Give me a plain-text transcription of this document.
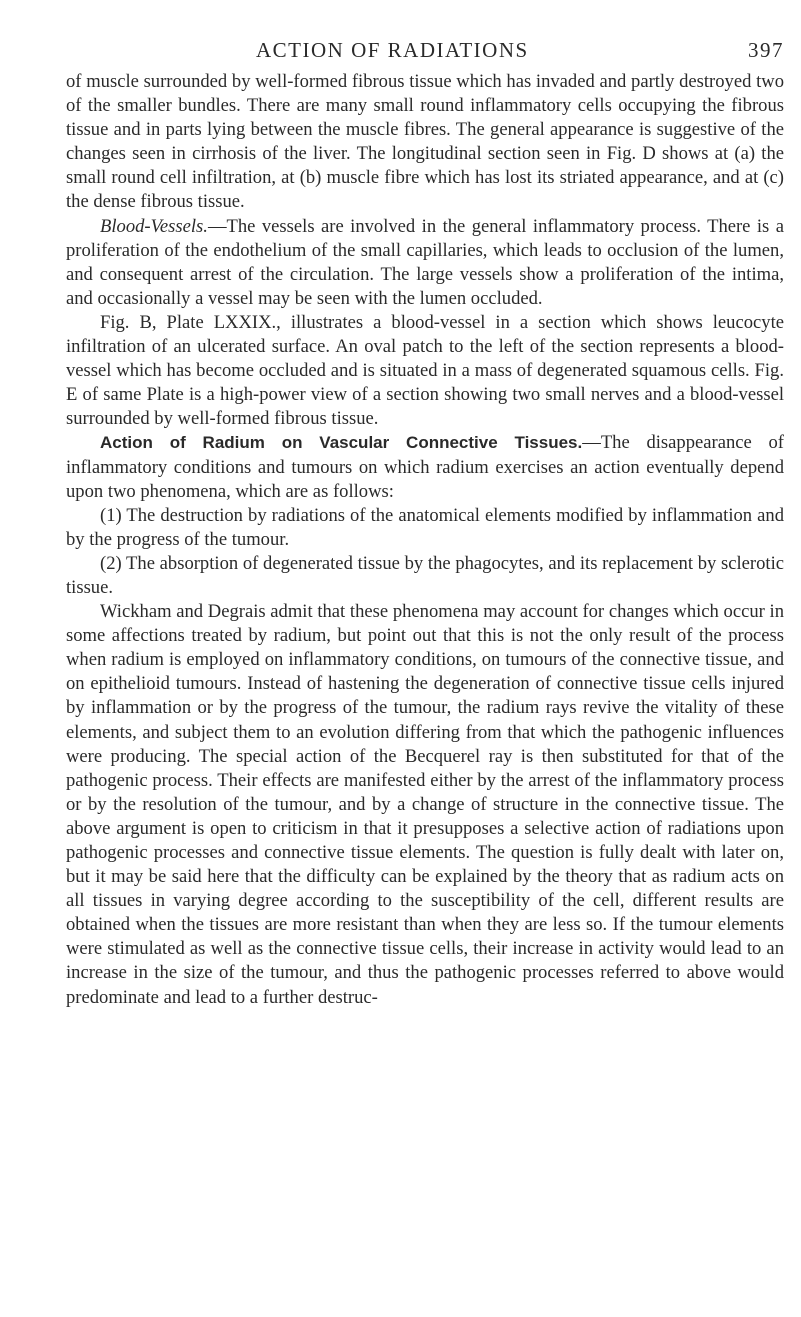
ACTION OF RADIATIONS	397

of muscle surrounded by well-formed fibrous tissue which has invaded and partly destroyed two of the smaller bundles. There are many small round inflammatory cells occupying the fibrous tissue and in parts lying between the muscle fibres. The general appearance is suggestive of the changes seen in cirrhosis of the liver. The longitudinal section seen in Fig. D shows at (a) the small round cell infiltration, at (b) muscle fibre which has lost its striated appearance, and at (c) the dense fibrous tissue.

Blood-Vessels.—The vessels are involved in the general inflammatory process. There is a proliferation of the endothelium of the small capillaries, which leads to occlusion of the lumen, and consequent arrest of the circulation. The large vessels show a proliferation of the intima, and occasionally a vessel may be seen with the lumen occluded.

Fig. B, Plate LXXIX., illustrates a blood-vessel in a section which shows leucocyte infiltration of an ulcerated surface. An oval patch to the left of the section represents a blood-vessel which has become occluded and is situated in a mass of degenerated squamous cells. Fig. E of same Plate is a high-power view of a section showing two small nerves and a blood-vessel surrounded by well-formed fibrous tissue.

Action of Radium on Vascular Connective Tissues.—The disappearance of inflammatory conditions and tumours on which radium exercises an action eventually depend upon two phenomena, which are as follows:

(1) The destruction by radiations of the anatomical elements modified by inflammation and by the progress of the tumour.

(2) The absorption of degenerated tissue by the phagocytes, and its replacement by sclerotic tissue.

Wickham and Degrais admit that these phenomena may account for changes which occur in some affections treated by radium, but point out that this is not the only result of the process when radium is employed on inflammatory conditions, on tumours of the connective tissue, and on epithelioid tumours. Instead of hastening the degeneration of connective tissue cells injured by inflammation or by the progress of the tumour, the radium rays revive the vitality of these elements, and subject them to an evolution differing from that which the pathogenic influences were producing. The special action of the Becquerel ray is then substituted for that of the pathogenic process. Their effects are manifested either by the arrest of the inflammatory process or by the resolution of the tumour, and by a change of structure in the connective tissue. The above argument is open to criticism in that it presupposes a selective action of radiations upon pathogenic processes and connective tissue elements. The question is fully dealt with later on, but it may be said here that the difficulty can be explained by the theory that as radium acts on all tissues in varying degree according to the susceptibility of the cell, different results are obtained when the tissues are more resistant than when they are less so. If the tumour elements were stimulated as well as the connective tissue cells, their increase in activity would lead to an increase in the size of the tumour, and thus the pathogenic processes referred to above would predominate and lead to a further destruc-
